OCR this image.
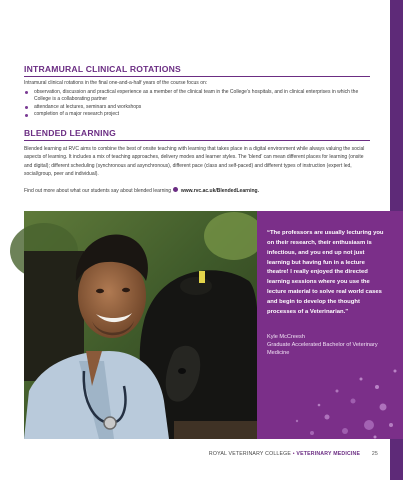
INTRAMURAL CLINICAL ROTATIONS

Intramural clinical rotations in the final one-and-a-half years of the course focus on:

observation, discussion and practical experience as a member of the clinical team in the College’s hospitals, and in clinical enterprises in which the College is a collaborating partner
attendance at lectures, seminars and workshops
completion of a major research project
BLENDED LEARNING

Blended learning at RVC aims to combine the best of onsite teaching with learning that takes place in a digital environment while always valuing the social aspects of learning. It includes a mix of teaching approaches, delivery modes and learner styles. The ‘blend’ can mean different places for learning (onsite and digital); different scheduling (synchronous and asynchronous), different pace (class and self-paced) and different types of instruction (expert led, social/group, peer and individual).

Find out more about what our students say about blended learning www.rvc.ac.uk/BlendedLearning.

“The professors are usually lecturing you on their research, their enthusiasm is infectious, and you end up not just learning but having fun in a lecture theatre! I really enjoyed the directed learning sessions where you use the lecture material to solve real world cases and begin to develop the thought processes of a Veterinarian.”
Kyle McCreesh
Graduate Accelerated Bachelor of Veterinary Medicine
ROYAL VETERINARY COLLEGE • VETERINARY MEDICINE 25
